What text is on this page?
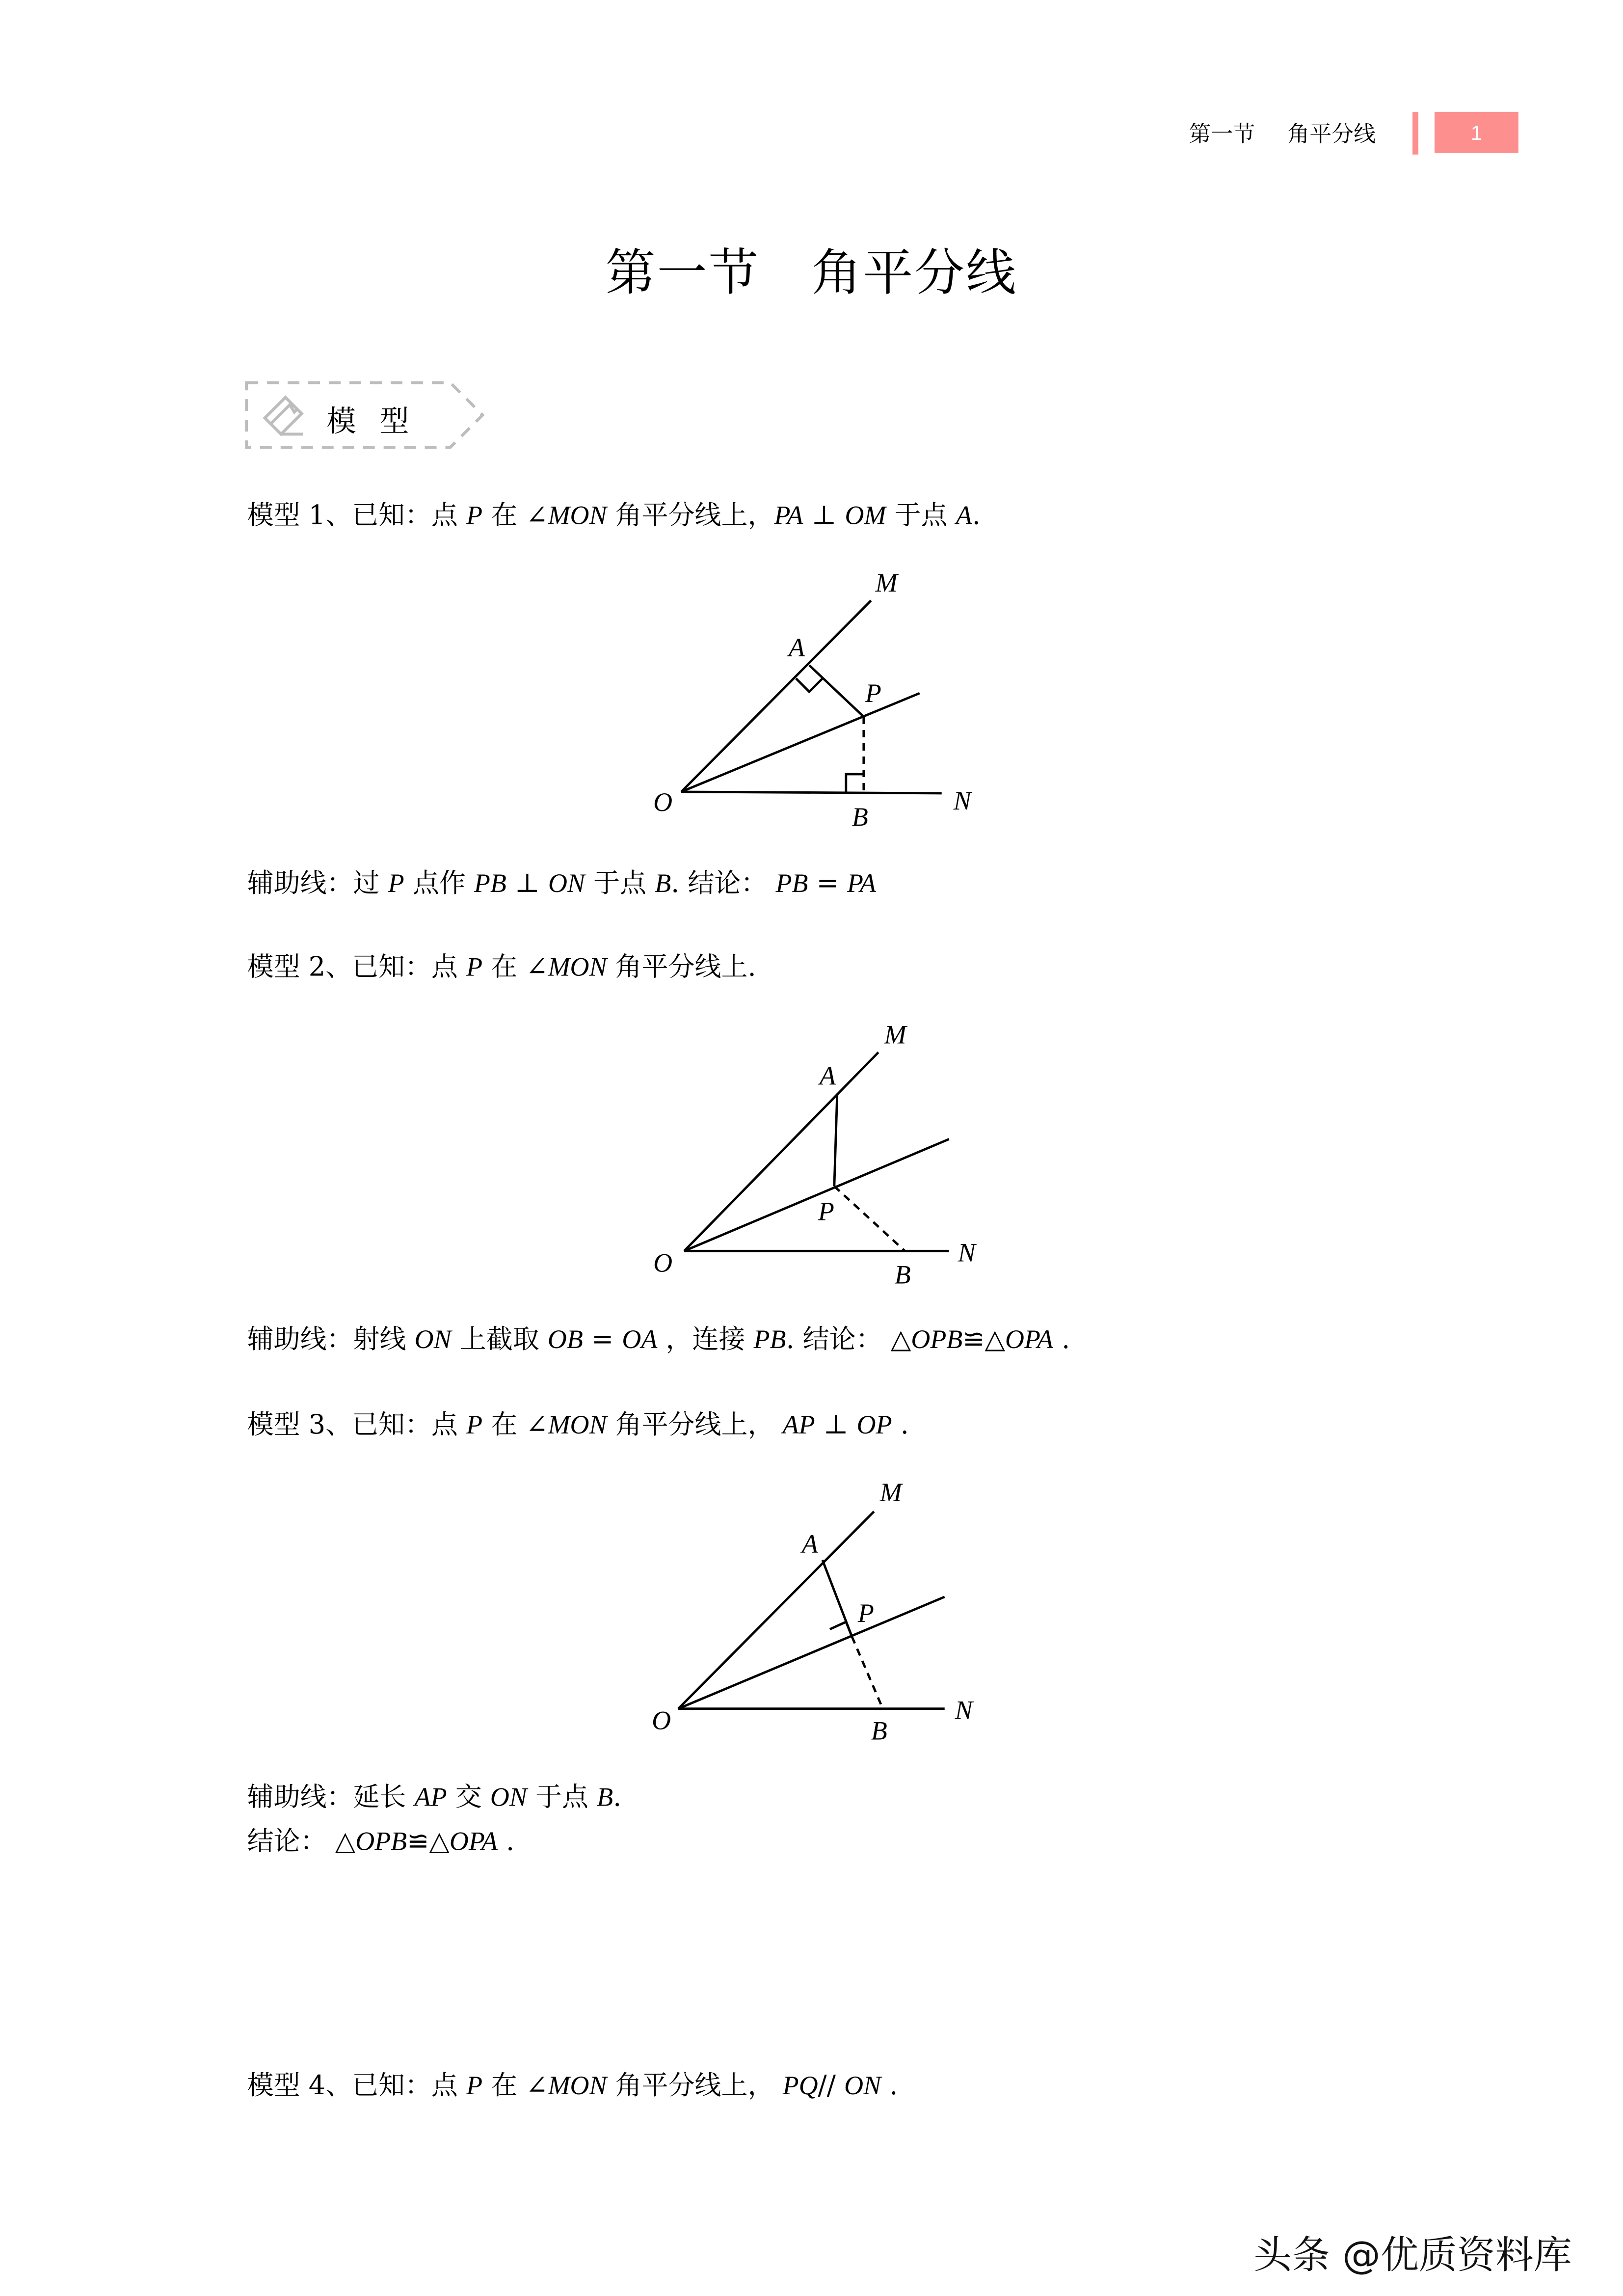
第一节	角平分线	1
第一节　角平分线
模型
模型 1、已知：点 P 在 ∠MON 角平分线上，PA ⊥ OM 于点 A.
M
A
P
O	B
N
M
A
P
O	B
N
M
A
P
O	B
N
辅助线：过 P 点作 PB ⊥ ON 于点 B. 结论： PB = PA
模型 2、已知：点 P 在 ∠MON 角平分线上.
辅助线：射线 ON 上截取 OB = OA ，连接 PB. 结论： △OPB≌△OPA .
模型 3、已知：点 P 在 ∠MON 角平分线上， AP ⊥ OP .
辅助线：延长 AP 交 ON 于点 B.
结论： △OPB≌△OPA .
模型 4、已知：点 P 在 ∠MON 角平分线上， PQ// ON .
头条 @优质资料库
